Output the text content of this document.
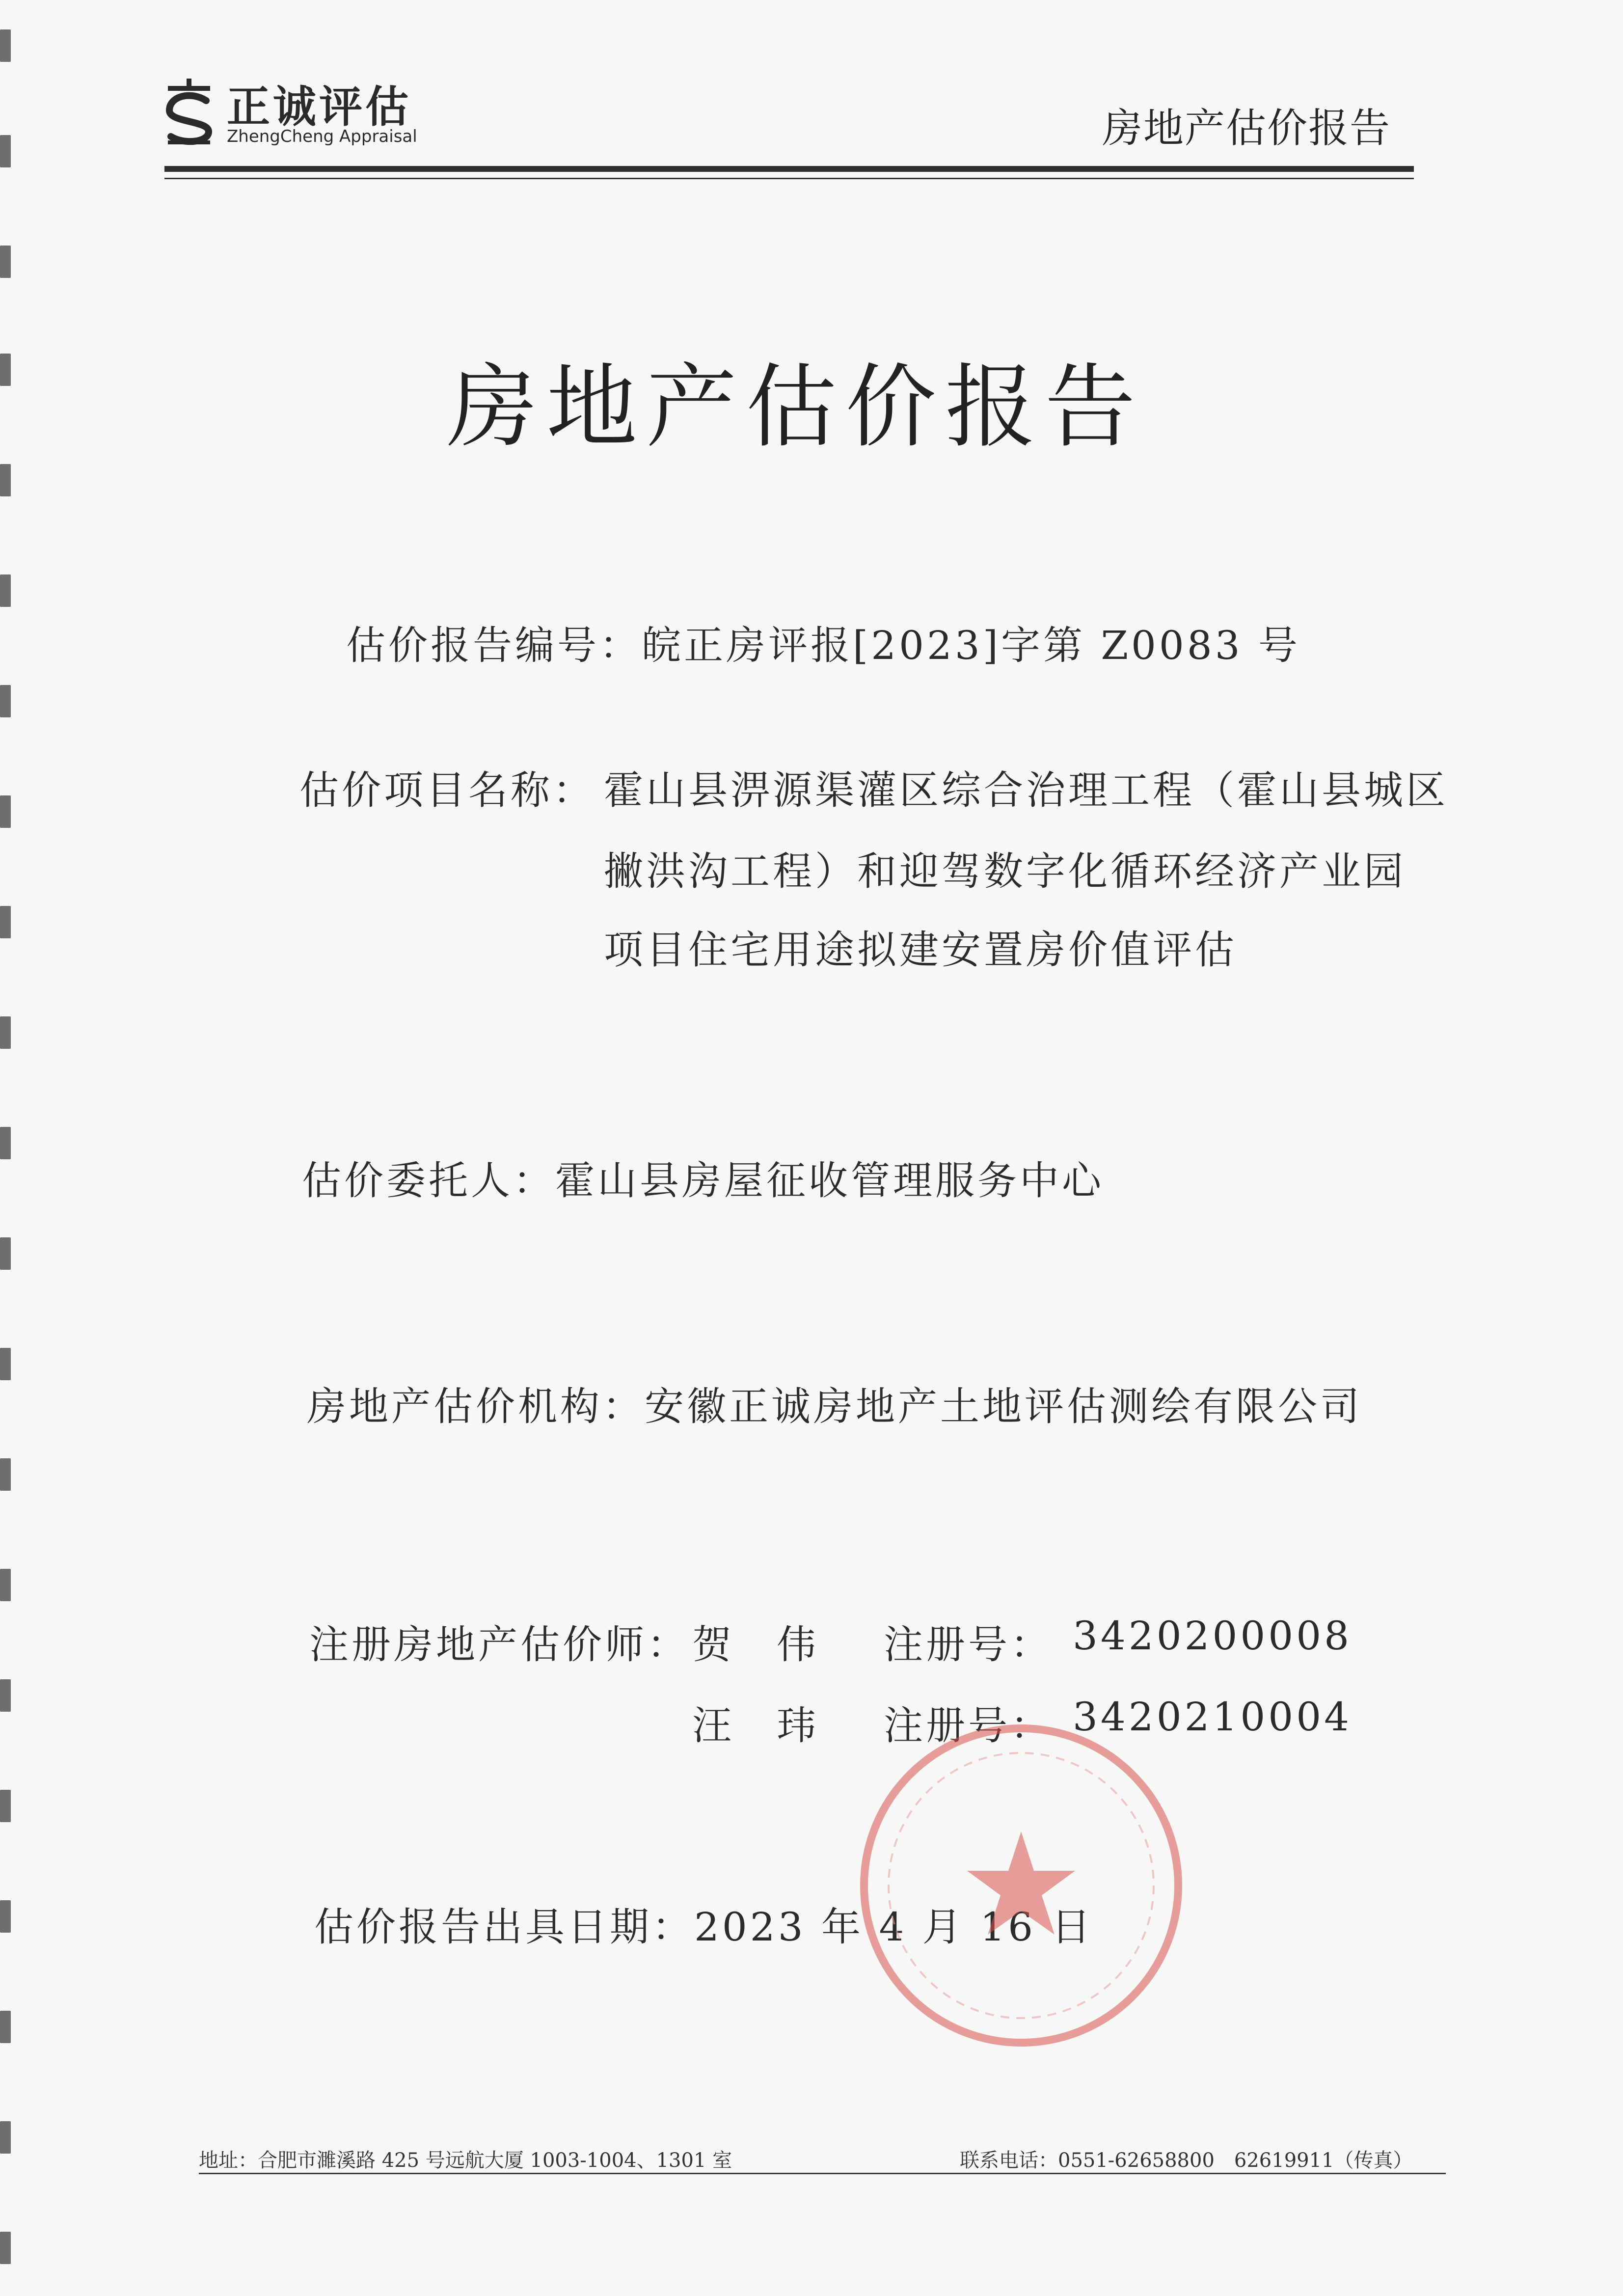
正诚评估
ZhengCheng Appraisal	房地产估价报告
房地产估价报告
估价报告编号：皖正房评报[2023]字第 Z0083 号
估价项目名称： 霍山县淠源渠灌区综合治理工程（霍山县城区
撇洪沟工程）和迎驾数字化循环经济产业园
项目住宅用途拟建安置房价值评估
估价委托人：霍山县房屋征收管理服务中心
房地产估价机构：安徽正诚房地产土地评估测绘有限公司
注册房地产估价师： 贺　伟 注册号： 3420200008
汪　玮 注册号： 3420210004
估价报告出具日期：2023 年 4 月 16 日
地址：合肥市濉溪路 425 号远航大厦 1003-1004、1301 室	联系电话：0551-62658800　62619911（传真）
